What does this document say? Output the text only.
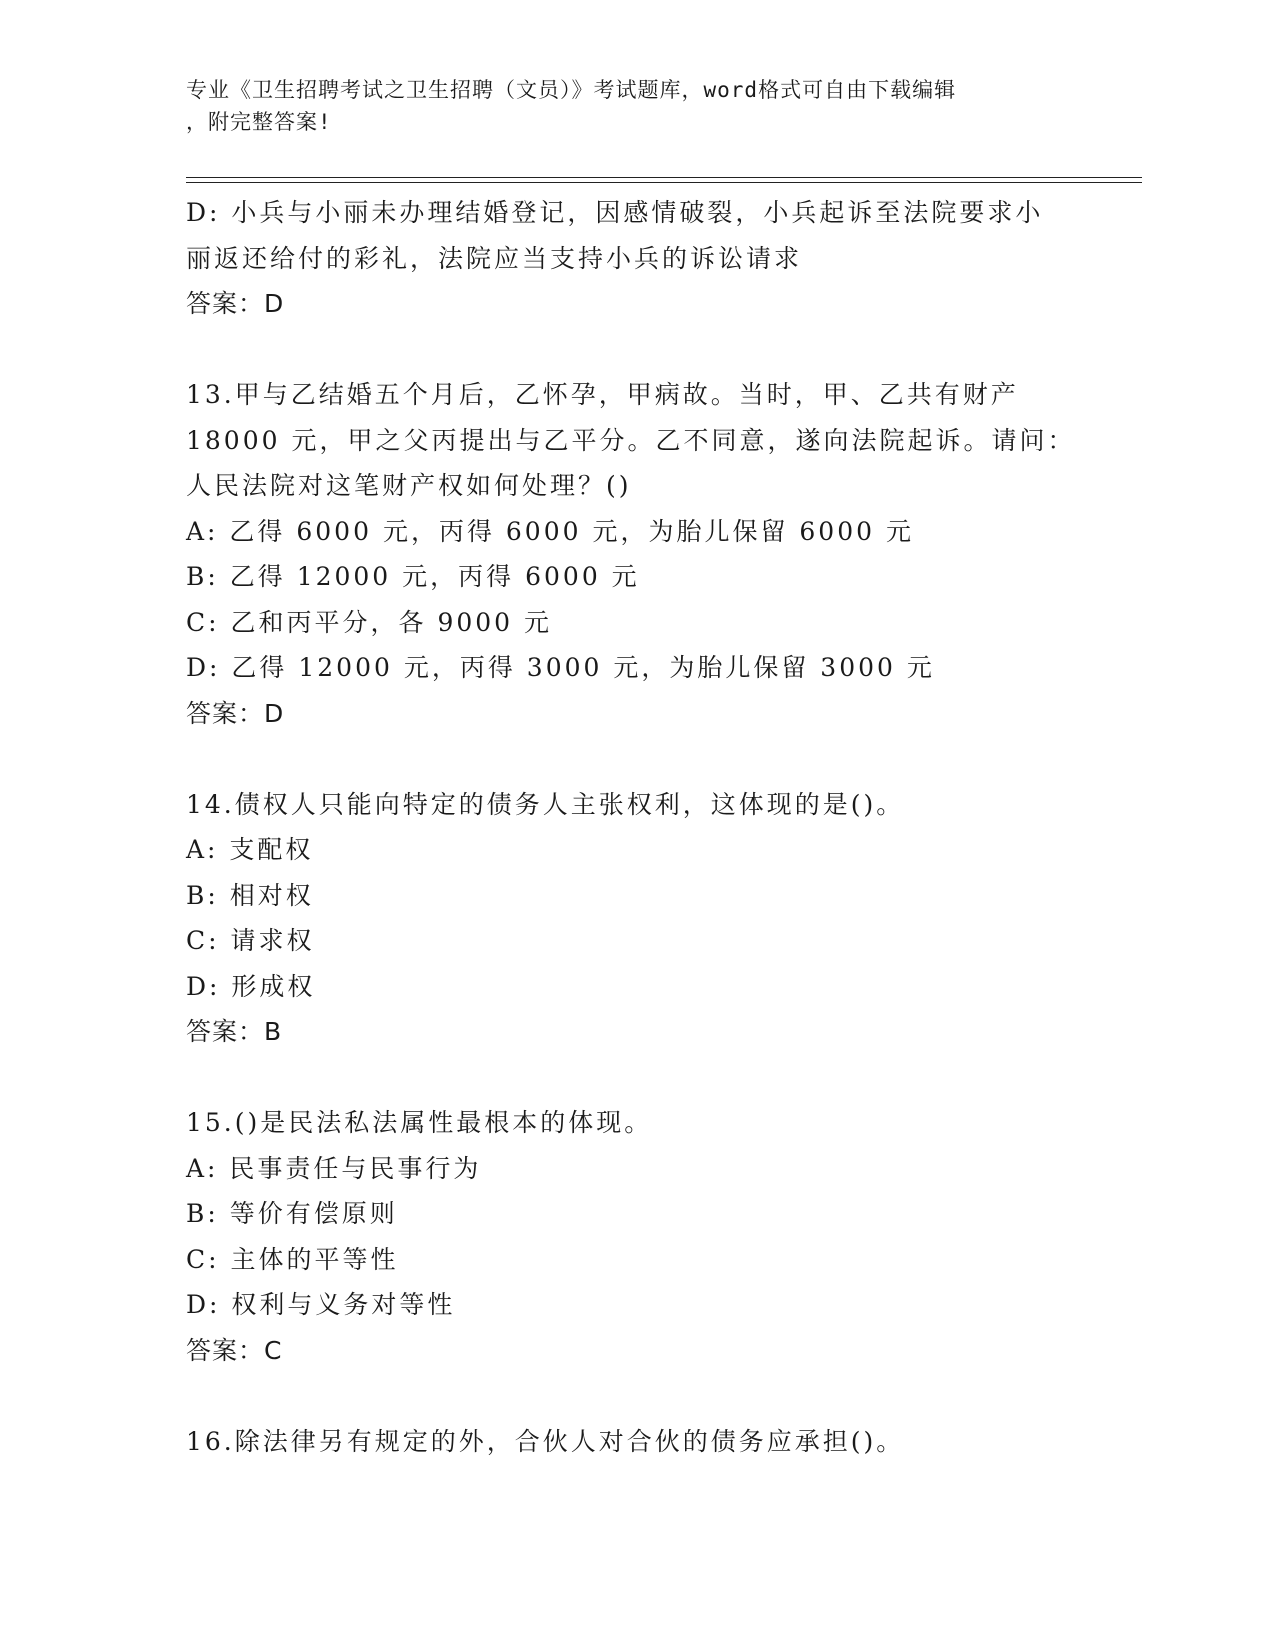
专业《卫生招聘考试之卫生招聘（文员）》考试题库，word格式可自由下载编辑
，附完整答案!
D: 小兵与小丽未办理结婚登记，因感情破裂，小兵起诉至法院要求小
丽返还给付的彩礼，法院应当支持小兵的诉讼请求
答案：D
13.甲与乙结婚五个月后，乙怀孕，甲病故。当时，甲、乙共有财产
18000 元，甲之父丙提出与乙平分。乙不同意，遂向法院起诉。请问：
人民法院对这笔财产权如何处理？()
A: 乙得 6000 元，丙得 6000 元，为胎儿保留 6000 元
B: 乙得 12000 元，丙得 6000 元
C: 乙和丙平分，各 9000 元
D: 乙得 12000 元，丙得 3000 元，为胎儿保留 3000 元
答案：D
14.债权人只能向特定的债务人主张权利，这体现的是()。
A: 支配权
B: 相对权
C: 请求权
D: 形成权
答案：B
15.()是民法私法属性最根本的体现。
A: 民事责任与民事行为
B: 等价有偿原则
C: 主体的平等性
D: 权利与义务对等性
答案：C
16.除法律另有规定的外，合伙人对合伙的债务应承担()。
